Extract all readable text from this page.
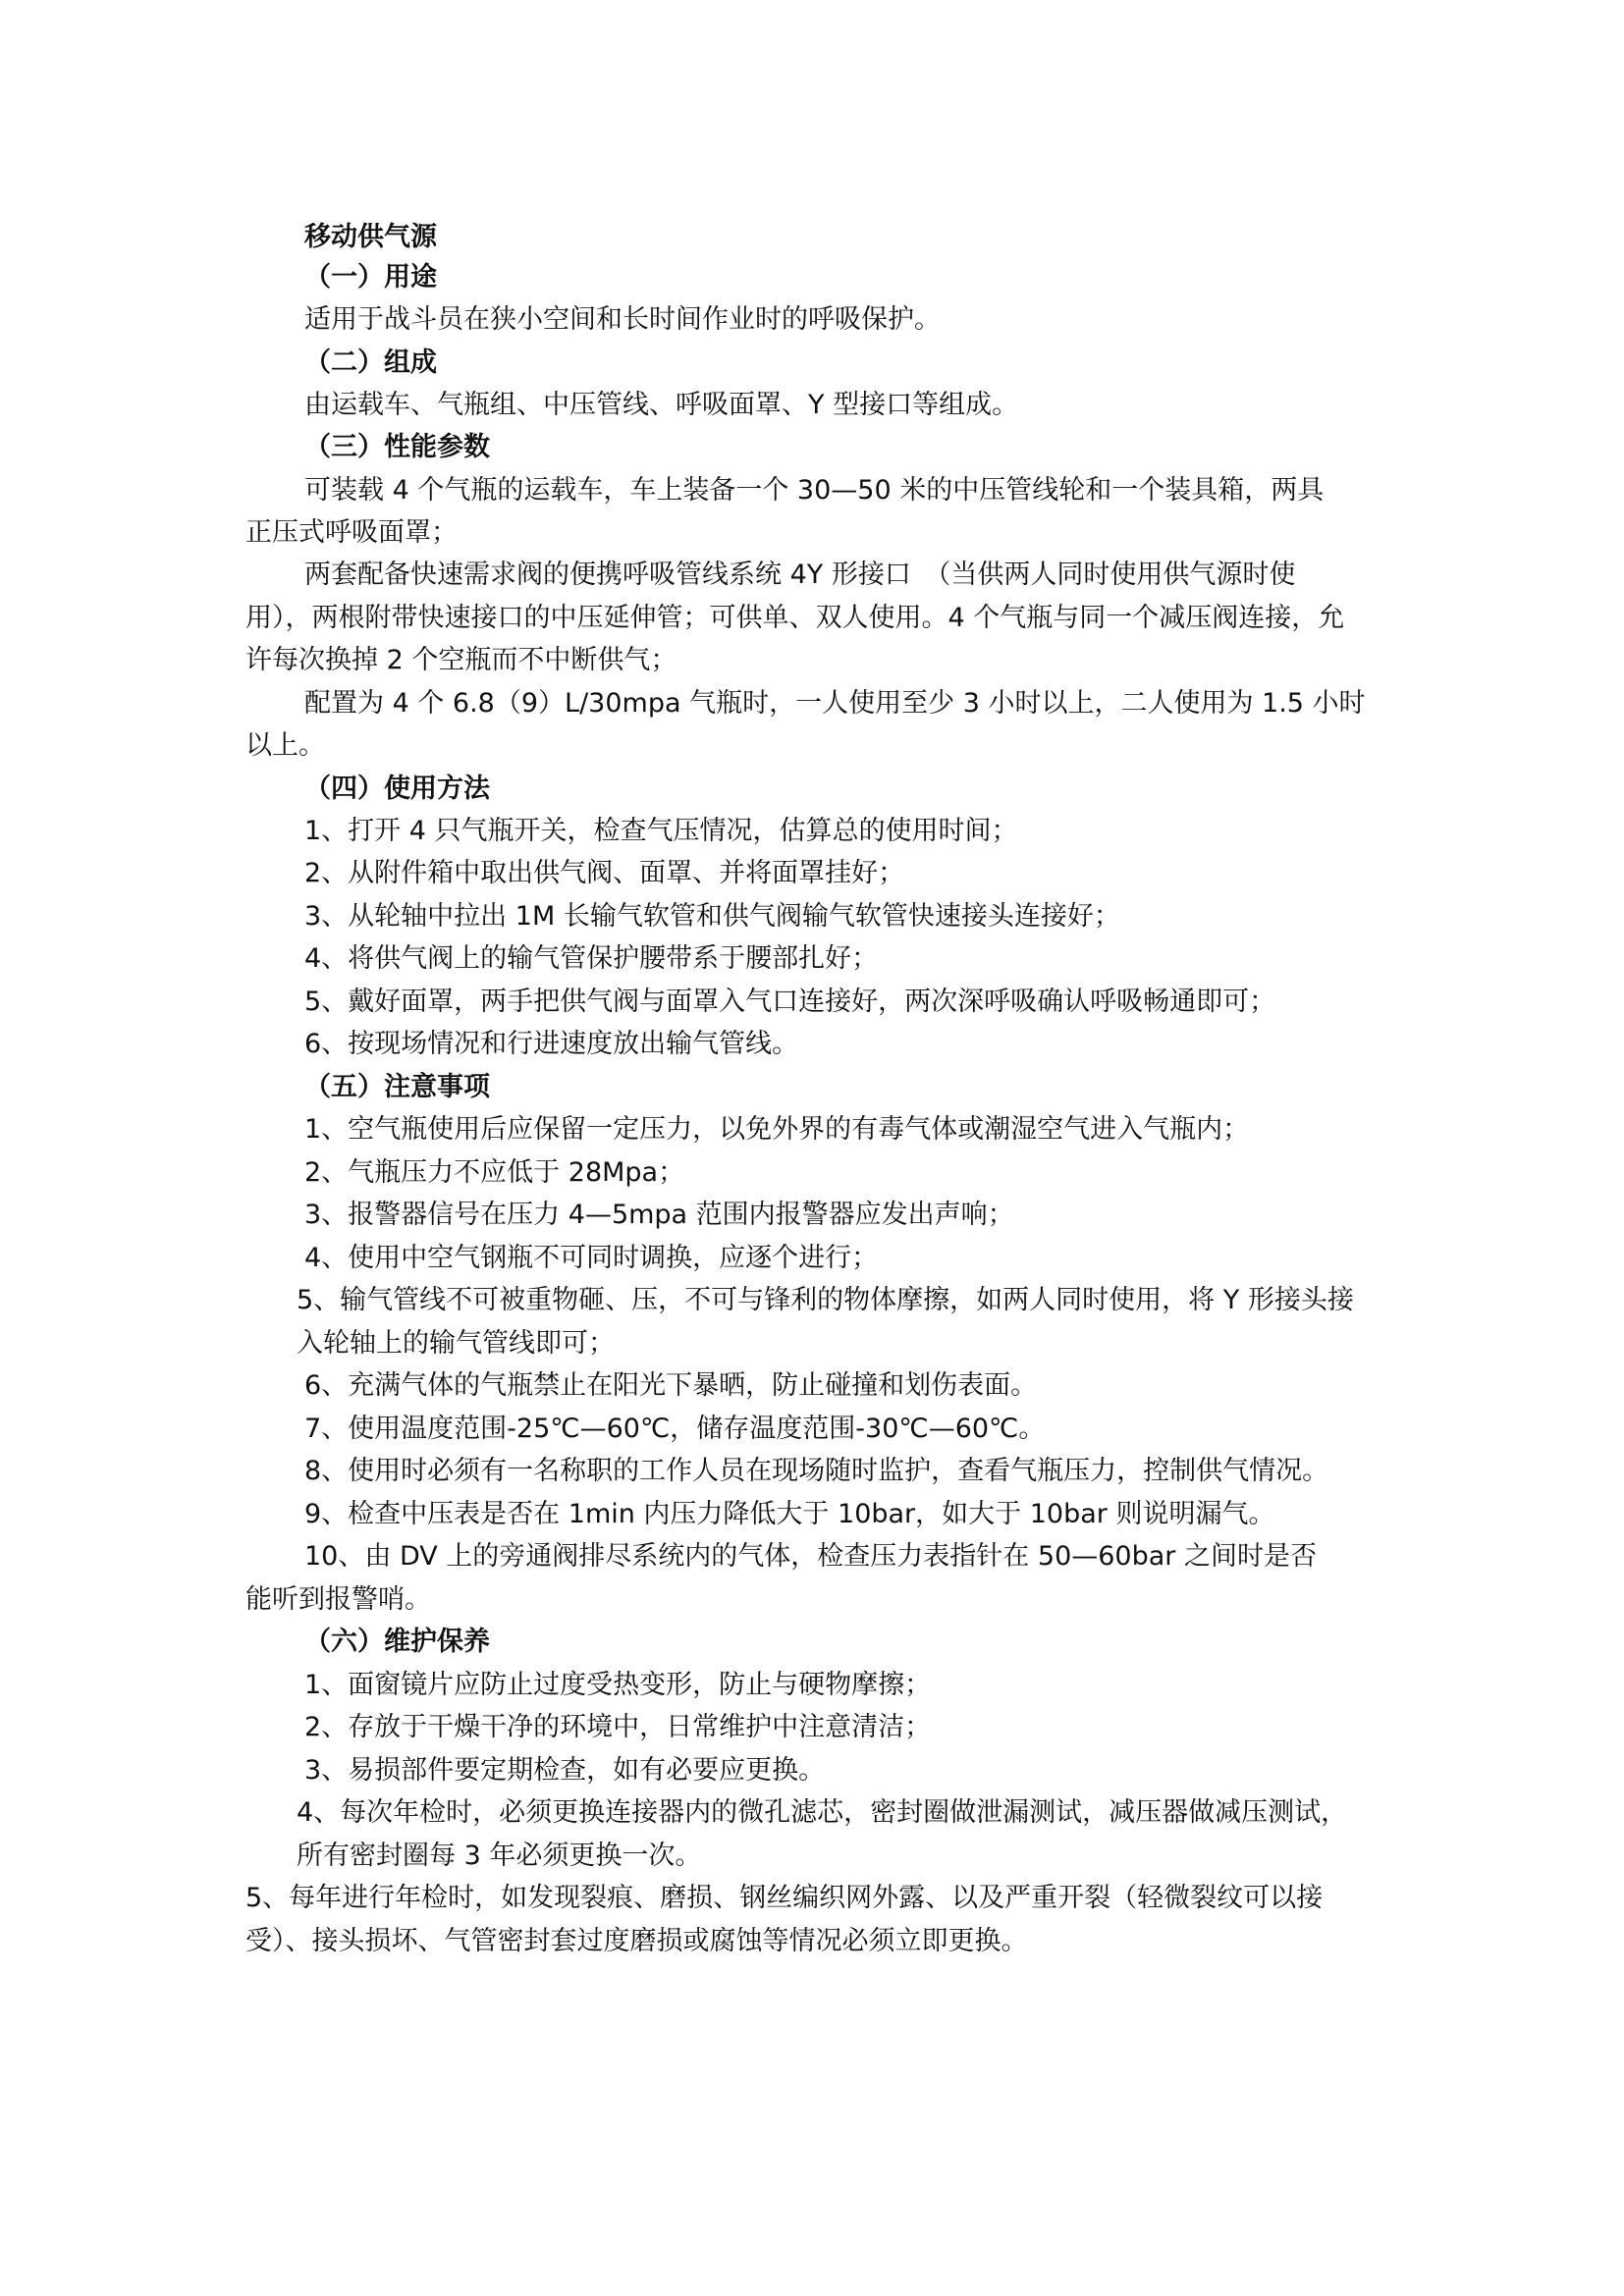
移动供气源
（一）用途
适用于战斗员在狭小空间和长时间作业时的呼吸保护。
（二）组成
由运载车、气瓶组、中压管线、呼吸面罩、Y 型接口等组成。
（三）性能参数
可装载 4 个气瓶的运载车，车上装备一个 30—50 米的中压管线轮和一个装具箱，两具
正压式呼吸面罩；
两套配备快速需求阀的便携呼吸管线系统 4Y 形接口　（当供两人同时使用供气源时使
用），两根附带快速接口的中压延伸管；可供单、双人使用。4 个气瓶与同一个减压阀连接，允
许每次换掉 2 个空瓶而不中断供气；
配置为 4 个 6.8（9）L/30mpa 气瓶时，一人使用至少 3 小时以上，二人使用为 1.5 小时
以上。
（四）使用方法
1、打开 4 只气瓶开关，检查气压情况，估算总的使用时间；
2、从附件箱中取出供气阀、面罩、并将面罩挂好；
3、从轮轴中拉出 1M 长输气软管和供气阀输气软管快速接头连接好；
4、将供气阀上的输气管保护腰带系于腰部扎好；
5、戴好面罩，两手把供气阀与面罩入气口连接好，两次深呼吸确认呼吸畅通即可；
6、按现场情况和行进速度放出输气管线。
（五）注意事项
1、空气瓶使用后应保留一定压力，以免外界的有毒气体或潮湿空气进入气瓶内；
2、气瓶压力不应低于 28Mpa；
3、报警器信号在压力 4—5mpa 范围内报警器应发出声响；
4、使用中空气钢瓶不可同时调换，应逐个进行；
5、输气管线不可被重物砸、压，不可与锋利的物体摩擦，如两人同时使用，将 Y 形接头接
入轮轴上的输气管线即可；
6、充满气体的气瓶禁止在阳光下暴晒，防止碰撞和划伤表面。
7、使用温度范围-25℃—60℃，储存温度范围-30℃—60℃。
8、使用时必须有一名称职的工作人员在现场随时监护，查看气瓶压力，控制供气情况。
9、检查中压表是否在 1min 内压力降低大于 10bar，如大于 10bar 则说明漏气。
10、由 DV 上的旁通阀排尽系统内的气体，检查压力表指针在 50—60bar 之间时是否
能听到报警哨。
（六）维护保养
1、面窗镜片应防止过度受热变形，防止与硬物摩擦；
2、存放于干燥干净的环境中，日常维护中注意清洁；
3、易损部件要定期检查，如有必要应更换。
4、每次年检时，必须更换连接器内的微孔滤芯，密封圈做泄漏测试，减压器做减压测试，
所有密封圈每 3 年必须更换一次。
5、每年进行年检时，如发现裂痕、磨损、钢丝编织网外露、以及严重开裂（轻微裂纹可以接
受）、接头损坏、气管密封套过度磨损或腐蚀等情况必须立即更换。
